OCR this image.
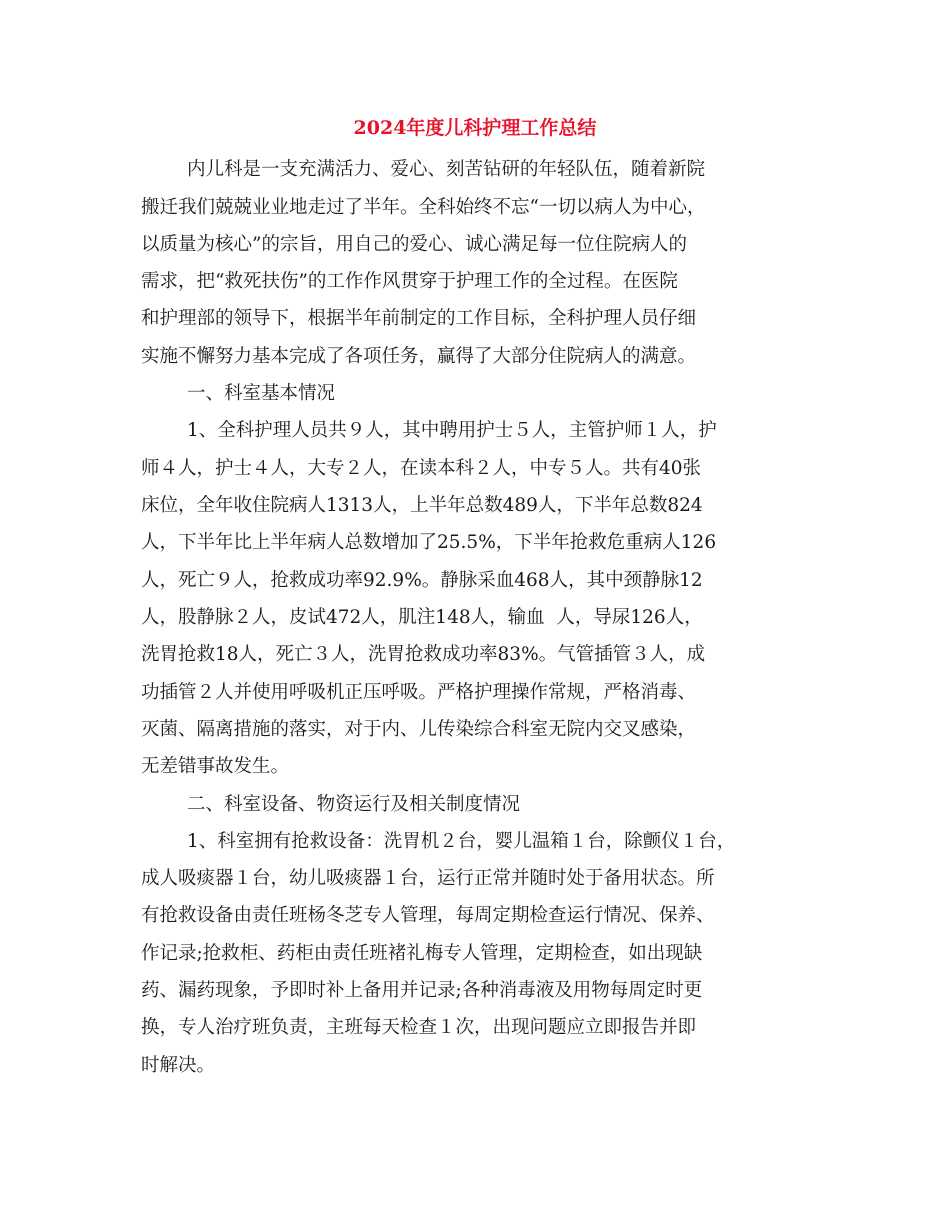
2024年度儿科护理工作总结
内儿科是一支充满活力、爱心、刻苦钻研的年轻队伍，随着新院
搬迁我们兢兢业业地走过了半年。全科始终不忘“一切以病人为中心，
以质量为核心”的宗旨，用自己的爱心、诚心满足每一位住院病人的
需求，把“救死扶伤”的工作作风贯穿于护理工作的全过程。在医院
和护理部的领导下，根据半年前制定的工作目标，全科护理人员仔细
实施不懈努力基本完成了各项任务，赢得了大部分住院病人的满意。
一、科室基本情况
1、全科护理人员共９人，其中聘用护士５人，主管护师１人，护
师４人，护士４人，大专２人，在读本科２人，中专５人。共有40张
床位，全年收住院病人1313人，上半年总数489人，下半年总数824
人，下半年比上半年病人总数增加了25.5%，下半年抢救危重病人126
人，死亡９人，抢救成功率92.9%。静脉采血468人，其中颈静脉12
人，股静脉２人，皮试472人，肌注148人，输血  人，导尿126人，
洗胃抢救18人，死亡３人，洗胃抢救成功率83%。气管插管３人，成
功插管２人并使用呼吸机正压呼吸。严格护理操作常规，严格消毒、
灭菌、隔离措施的落实，对于内、儿传染综合科室无院内交叉感染，
无差错事故发生。
二、科室设备、物资运行及相关制度情况
1、科室拥有抢救设备：洗胃机２台，婴儿温箱１台，除颤仪１台，
成人吸痰器１台，幼儿吸痰器１台，运行正常并随时处于备用状态。所
有抢救设备由责任班杨冬芝专人管理，每周定期检查运行情况、保养、
作记录;抢救柜、药柜由责任班褚礼梅专人管理，定期检查，如出现缺
药、漏药现象，予即时补上备用并记录;各种消毒液及用物每周定时更
换，专人治疗班负责，主班每天检查１次，出现问题应立即报告并即
时解决。
